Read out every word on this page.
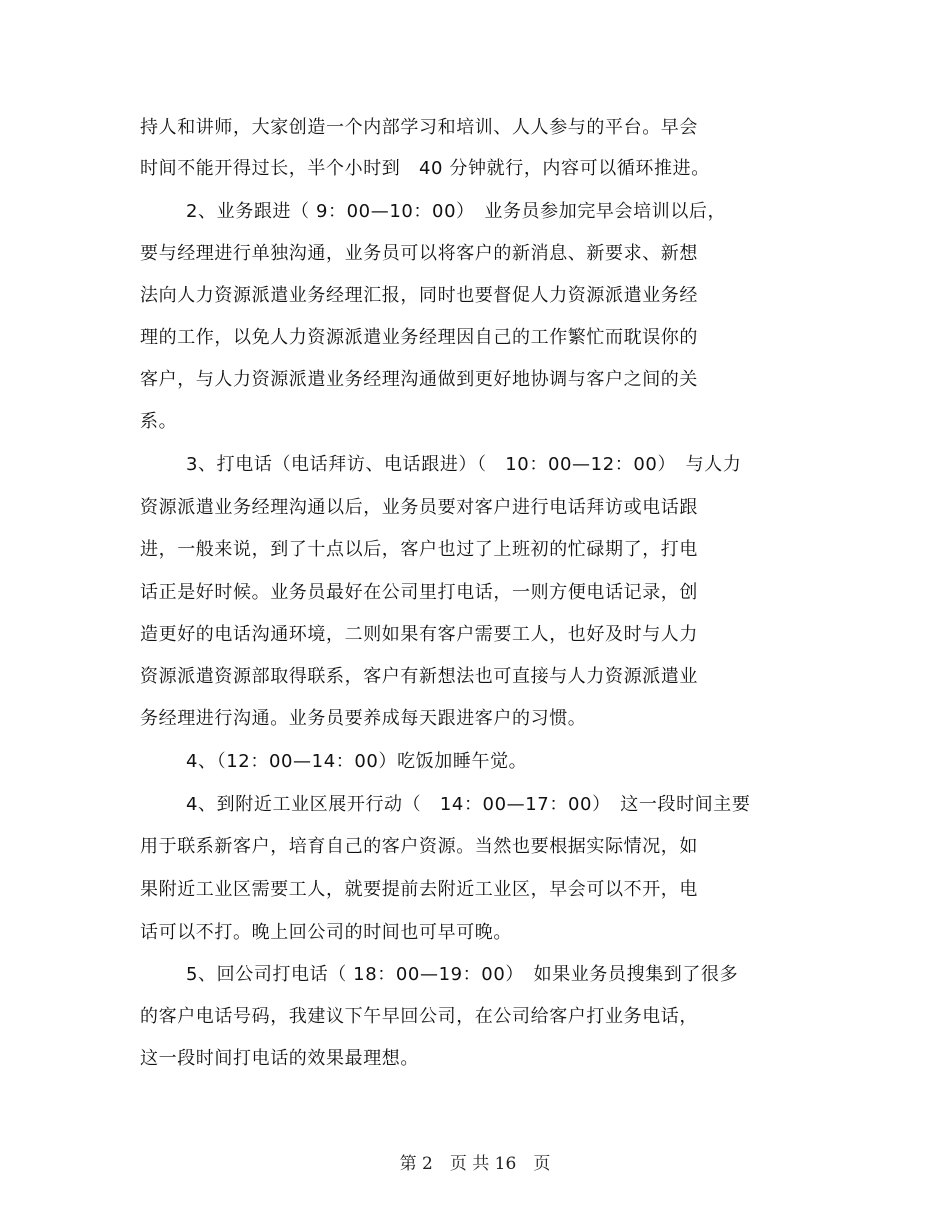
持人和讲师，大家创造一个内部学习和培训、人人参与的平台。早会
时间不能开得过长，半个小时到　40 分钟就行，内容可以循环推进。
2、业务跟进（ 9：00—10：00）　业务员参加完早会培训以后，
要与经理进行单独沟通，业务员可以将客户的新消息、新要求、新想
法向人力资源派遣业务经理汇报，同时也要督促人力资源派遣业务经
理的工作，以免人力资源派遣业务经理因自己的工作繁忙而耽误你的
客户，与人力资源派遣业务经理沟通做到更好地协调与客户之间的关
系。
3、打电话（电话拜访、电话跟进）（　10：00—12：00）　与人力
资源派遣业务经理沟通以后，业务员要对客户进行电话拜访或电话跟
进，一般来说，到了十点以后，客户也过了上班初的忙碌期了，打电
话正是好时候。业务员最好在公司里打电话，一则方便电话记录，创
造更好的电话沟通环境，二则如果有客户需要工人，也好及时与人力
资源派遣资源部取得联系，客户有新想法也可直接与人力资源派遣业
务经理进行沟通。业务员要养成每天跟进客户的习惯。
4、（12：00—14：00）吃饭加睡午觉。
4、到附近工业区展开行动（　14：00—17：00）　这一段时间主要
用于联系新客户，培育自己的客户资源。当然也要根据实际情况，如
果附近工业区需要工人，就要提前去附近工业区，早会可以不开，电
话可以不打。晚上回公司的时间也可早可晚。
5、回公司打电话（ 18：00—19：00）　如果业务员搜集到了很多
的客户电话号码，我建议下午早回公司，在公司给客户打业务电话，
这一段时间打电话的效果最理想。
第 2　页 共 16　页
